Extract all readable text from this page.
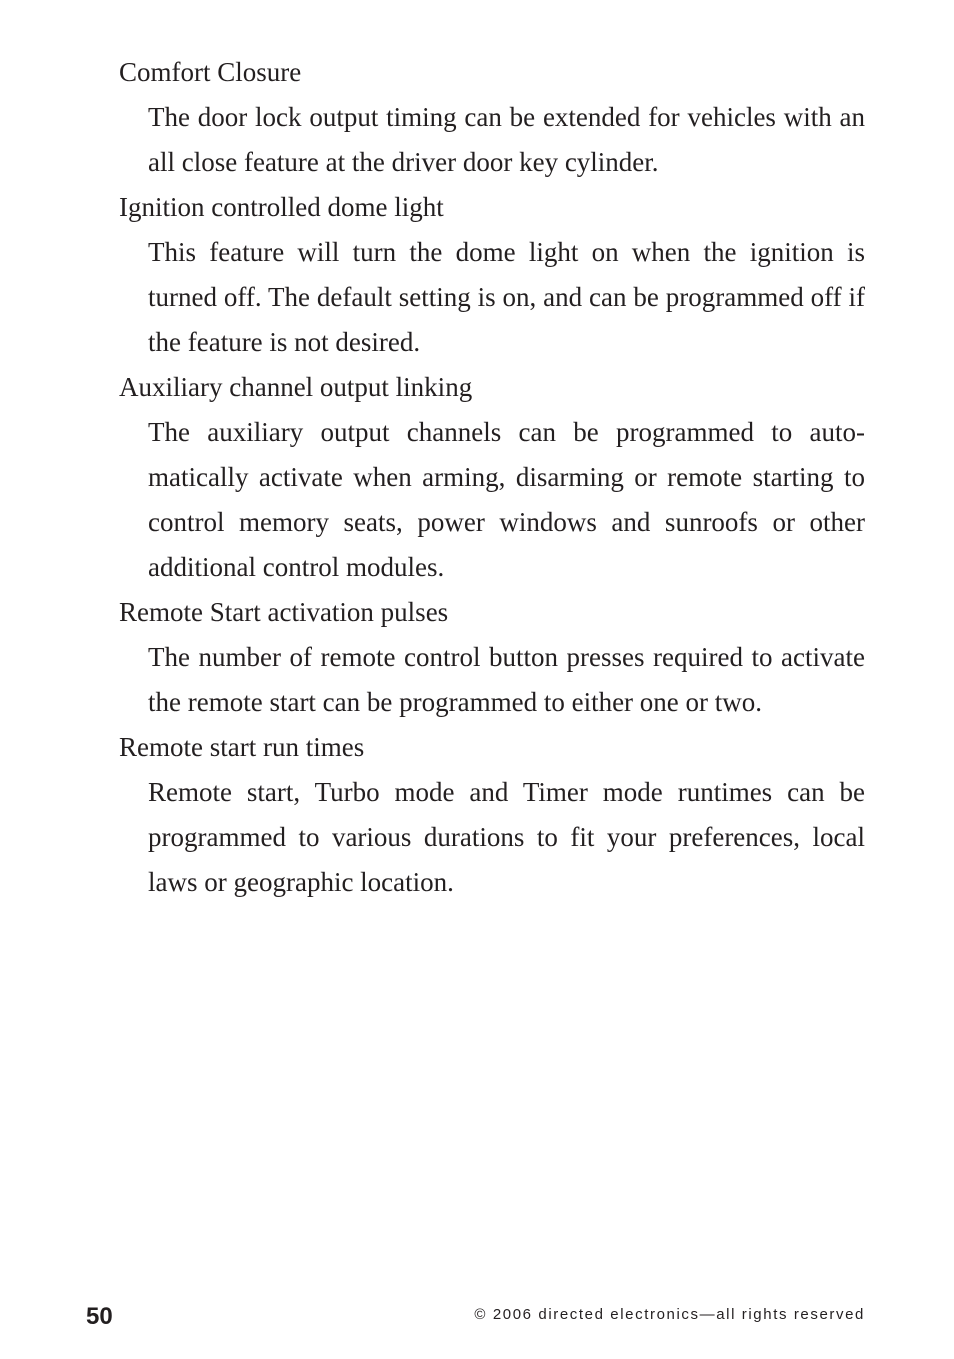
Comfort Closure

The door lock output timing can be extended for vehicles with an all close feature at the driver door key cylinder.

Ignition controlled dome light

This feature will turn the dome light on when the ignition is turned off. The default setting is on, and can be programmed off if the feature is not desired.

Auxiliary channel output linking

The auxiliary output channels can be programmed to automatically activate when arming, disarming or remote starting to control memory seats, power windows and sunroofs or other additional control modules.

Remote Start activation pulses

The number of remote control button presses required to activate the remote start can be programmed to either one or two.

Remote start run times

Remote start, Turbo mode and Timer mode runtimes can be programmed to various durations to fit your preferences, local laws or geographic location.

50	© 2006 directed electronics—all rights reserved
